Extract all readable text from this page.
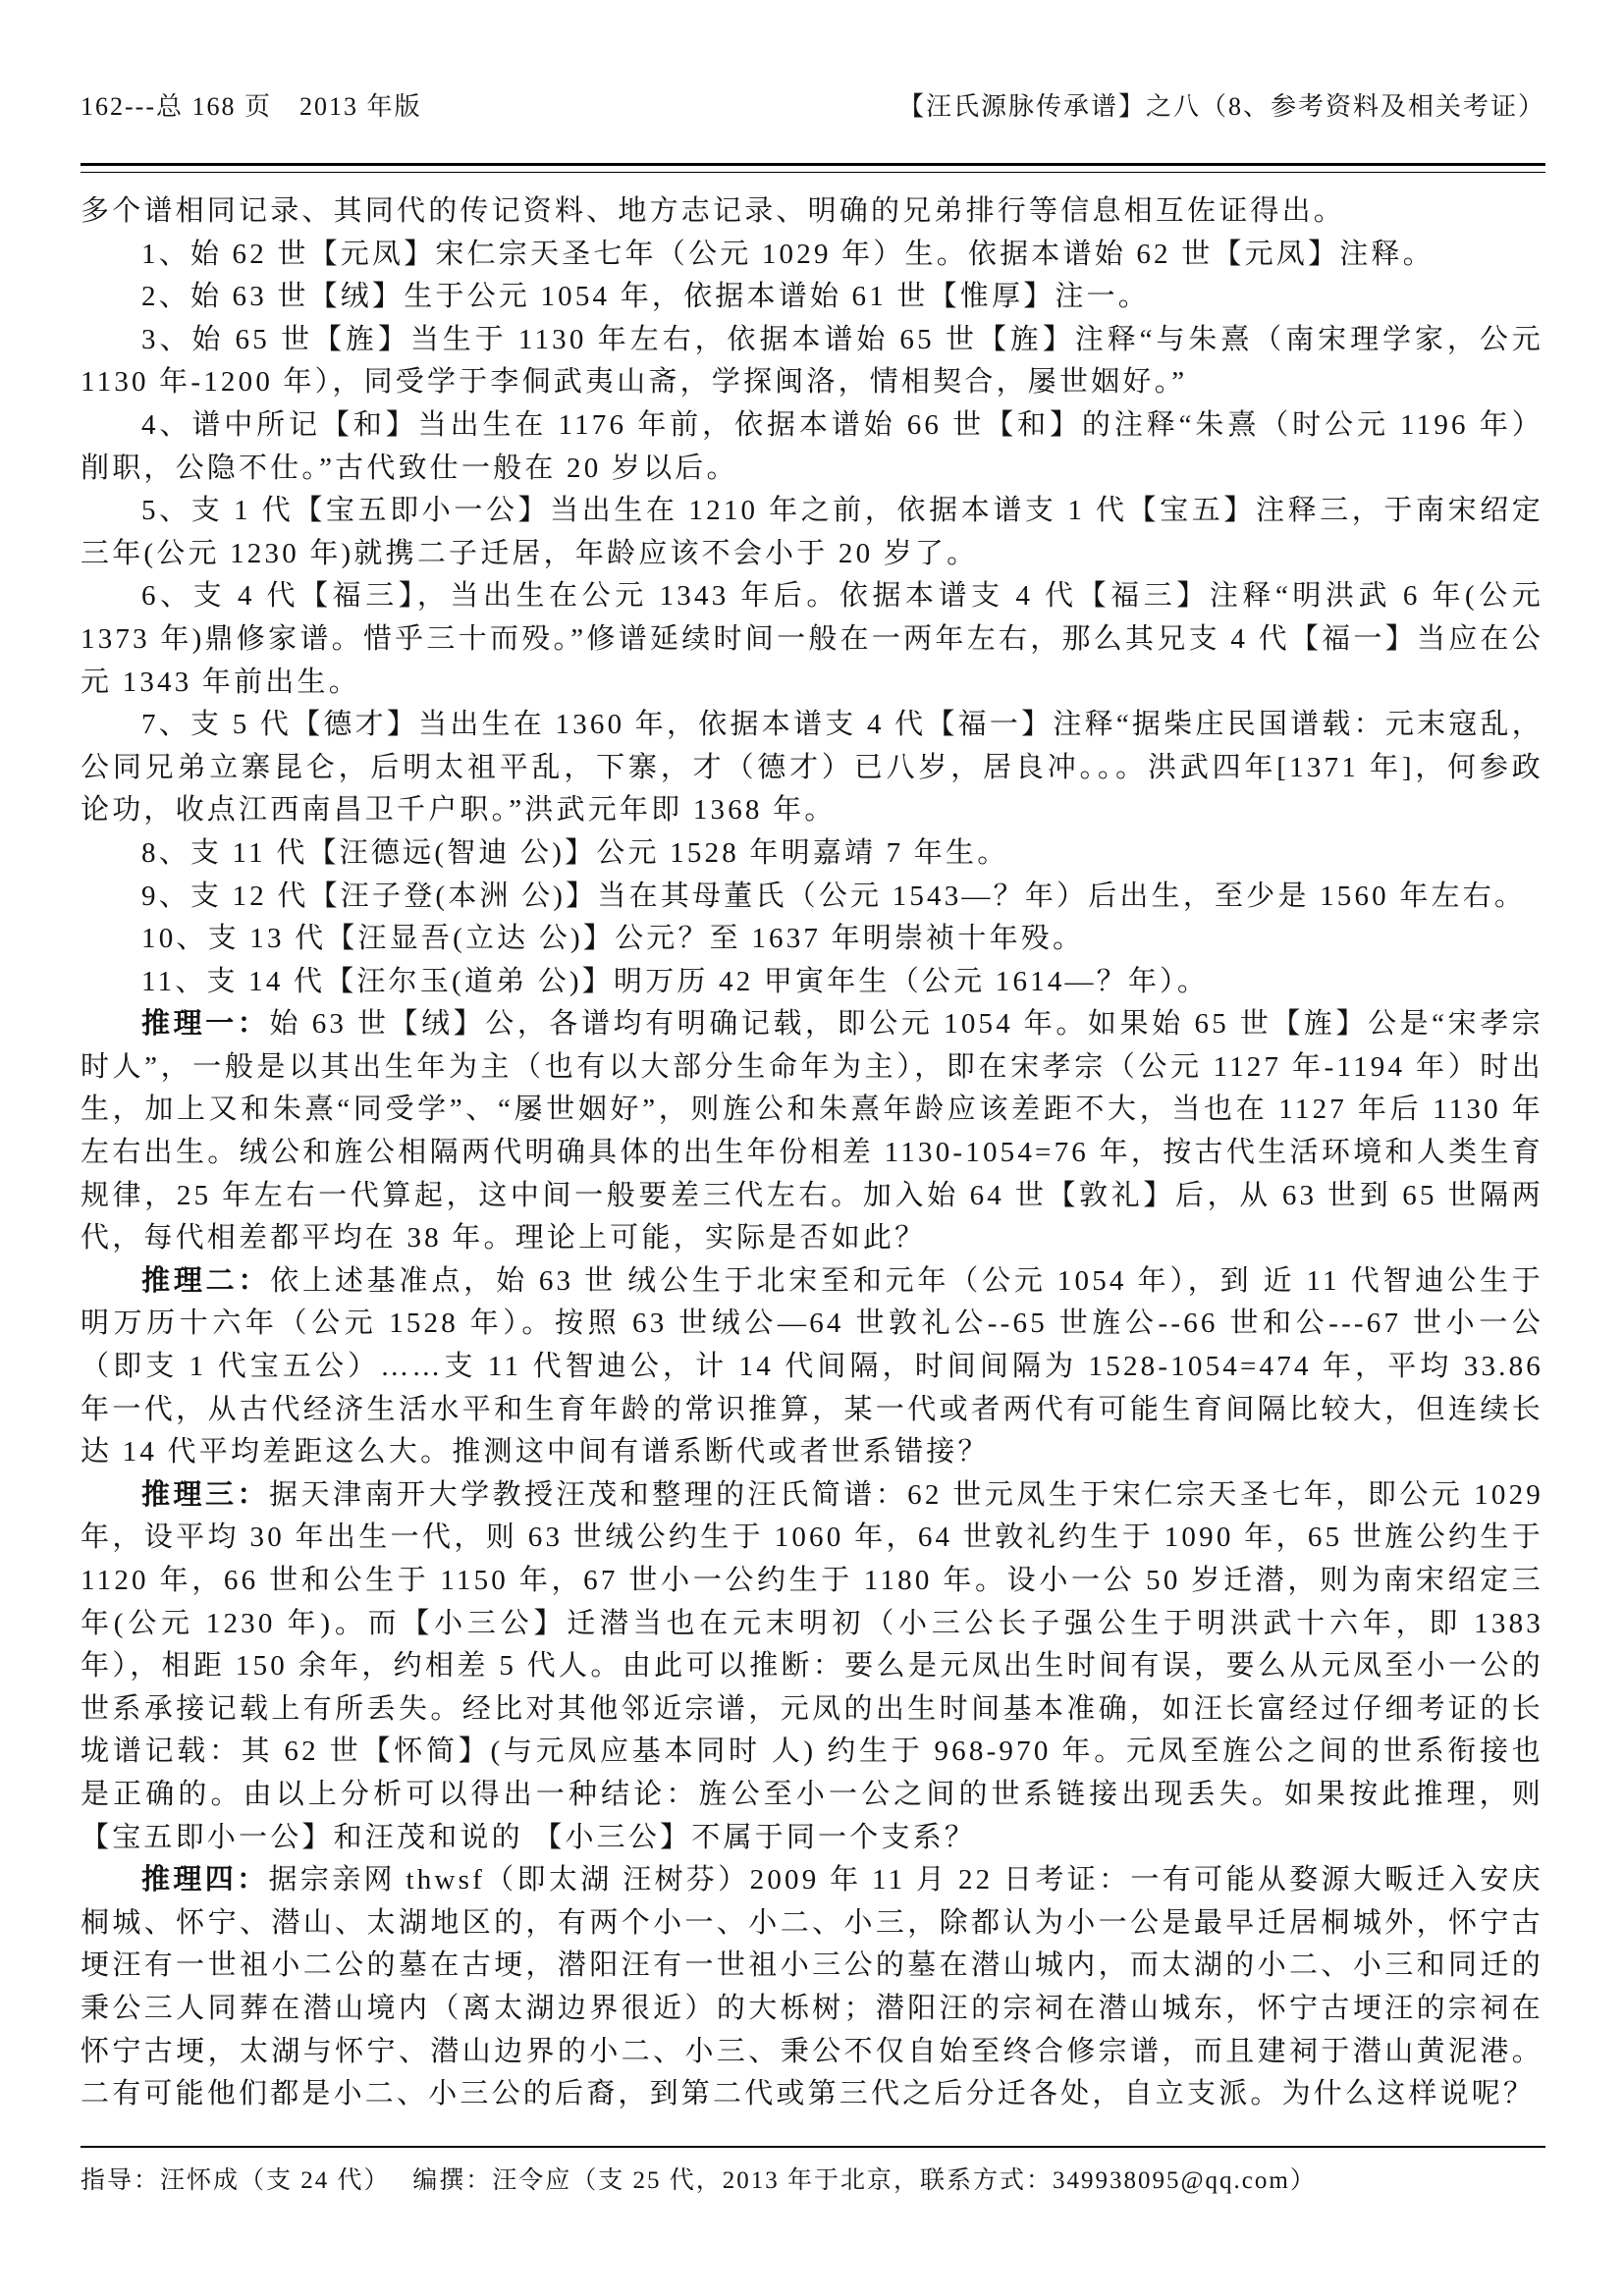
162---总 168 页　2013 年版	【汪氏源脉传承谱】之八（8、参考资料及相关考证）

多个谱相同记录、其同代的传记资料、地方志记录、明确的兄弟排行等信息相互佐证得出。

1、始 62 世【元凤】宋仁宗天圣七年（公元 1029 年）生。依据本谱始 62 世【元凤】注释。

2、始 63 世【绒】生于公元 1054 年，依据本谱始 61 世【惟厚】注一。

3、始 65 世【旌】当生于 1130 年左右，依据本谱始 65 世【旌】注释“与朱熹（南宋理学家，公元 1130 年-1200 年），同受学于李侗武夷山斋，学探闽洛，情相契合，屡世姻好。”

4、谱中所记【和】当出生在 1176 年前，依据本谱始 66 世【和】的注释“朱熹（时公元 1196 年）削职，公隐不仕。”古代致仕一般在 20 岁以后。

5、支 1 代【宝五即小一公】当出生在 1210 年之前，依据本谱支 1 代【宝五】注释三，于南宋绍定三年(公元 1230 年)就携二子迁居，年龄应该不会小于 20 岁了。

6、支 4 代【福三】，当出生在公元 1343 年后。依据本谱支 4 代【福三】注释“明洪武 6 年(公元 1373 年)鼎修家谱。惜乎三十而殁。”修谱延续时间一般在一两年左右，那么其兄支 4 代【福一】当应在公元 1343 年前出生。

7、支 5 代【德才】当出生在 1360 年，依据本谱支 4 代【福一】注释“据柴庄民国谱载：元末寇乱，公同兄弟立寨昆仑，后明太祖平乱，下寨，才（德才）已八岁，居良冲。。。洪武四年[1371 年]，何参政论功，收点江西南昌卫千户职。”洪武元年即 1368 年。

8、支 11 代【汪德远(智迪 公)】公元 1528 年明嘉靖 7 年生。

9、支 12 代【汪子登(本洲 公)】当在其母董氏（公元 1543—？年）后出生，至少是 1560 年左右。

10、支 13 代【汪显吾(立达 公)】公元？至 1637 年明崇祯十年殁。

11、支 14 代【汪尔玉(道弟 公)】明万历 42 甲寅年生（公元 1614—？年）。

推理一：始 63 世【绒】公，各谱均有明确记载，即公元 1054 年。如果始 65 世【旌】公是“宋孝宗时人”，一般是以其出生年为主（也有以大部分生命年为主），即在宋孝宗（公元 1127 年-1194 年）时出生，加上又和朱熹“同受学”、“屡世姻好”，则旌公和朱熹年龄应该差距不大，当也在 1127 年后 1130 年左右出生。绒公和旌公相隔两代明确具体的出生年份相差 1130-1054=76 年，按古代生活环境和人类生育规律，25 年左右一代算起，这中间一般要差三代左右。加入始 64 世【敦礼】后，从 63 世到 65 世隔两代，每代相差都平均在 38 年。理论上可能，实际是否如此？

推理二：依上述基准点，始 63 世 绒公生于北宋至和元年（公元 1054 年），到 近 11 代智迪公生于明万历十六年（公元 1528 年）。按照 63 世绒公—64 世敦礼公--65 世旌公--66 世和公---67 世小一公（即支 1 代宝五公）……支 11 代智迪公，计 14 代间隔，时间间隔为 1528-1054=474 年，平均 33.86 年一代，从古代经济生活水平和生育年龄的常识推算，某一代或者两代有可能生育间隔比较大，但连续长达 14 代平均差距这么大。推测这中间有谱系断代或者世系错接？

推理三：据天津南开大学教授汪茂和整理的汪氏简谱：62 世元凤生于宋仁宗天圣七年，即公元 1029 年，设平均 30 年出生一代，则 63 世绒公约生于 1060 年，64 世敦礼约生于 1090 年，65 世旌公约生于 1120 年，66 世和公生于 1150 年，67 世小一公约生于 1180 年。设小一公 50 岁迁潜，则为南宋绍定三年(公元 1230 年)。而【小三公】迁潜当也在元末明初（小三公长子强公生于明洪武十六年，即 1383 年），相距 150 余年，约相差 5 代人。由此可以推断：要么是元凤出生时间有误，要么从元凤至小一公的世系承接记载上有所丢失。经比对其他邻近宗谱，元凤的出生时间基本准确，如汪长富经过仔细考证的长垅谱记载：其 62 世【怀简】(与元凤应基本同时 人) 约生于 968-970 年。元凤至旌公之间的世系衔接也是正确的。由以上分析可以得出一种结论：旌公至小一公之间的世系链接出现丢失。如果按此推理，则【宝五即小一公】和汪茂和说的 【小三公】不属于同一个支系？

推理四：据宗亲网 thwsf（即太湖 汪树芬）2009 年 11 月 22 日考证：一有可能从婺源大畈迁入安庆桐城、怀宁、潜山、太湖地区的，有两个小一、小二、小三，除都认为小一公是最早迁居桐城外，怀宁古埂汪有一世祖小二公的墓在古埂，潜阳汪有一世祖小三公的墓在潜山城内，而太湖的小二、小三和同迁的秉公三人同葬在潜山境内（离太湖边界很近）的大栎树；潜阳汪的宗祠在潜山城东，怀宁古埂汪的宗祠在怀宁古埂，太湖与怀宁、潜山边界的小二、小三、秉公不仅自始至终合修宗谱，而且建祠于潜山黄泥港。二有可能他们都是小二、小三公的后裔，到第二代或第三代之后分迁各处，自立支派。为什么这样说呢？

指导：汪怀成（支 24 代）　 编撰：汪令应（支 25 代，2013 年于北京，联系方式：349938095@qq.com）
